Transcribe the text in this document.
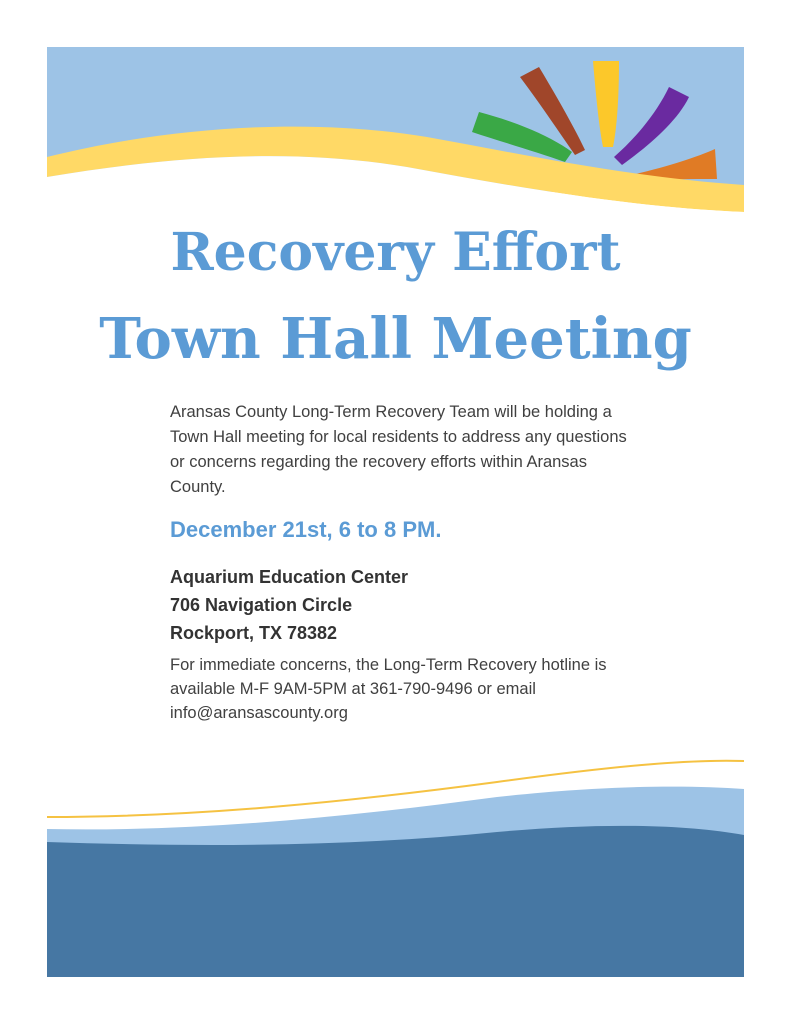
Recovery Effort
Town Hall Meeting

Aransas County Long-Term Recovery Team will be holding a Town Hall meeting for local residents to address any questions or concerns regarding the recovery efforts within Aransas County.

December 21st, 6 to 8 PM.

Aquarium Education Center

706 Navigation Circle

Rockport, TX 78382

For immediate concerns, the Long-Term Recovery hotline is available M-F 9AM-5PM at 361-790-9496 or email info@aransascounty.org
